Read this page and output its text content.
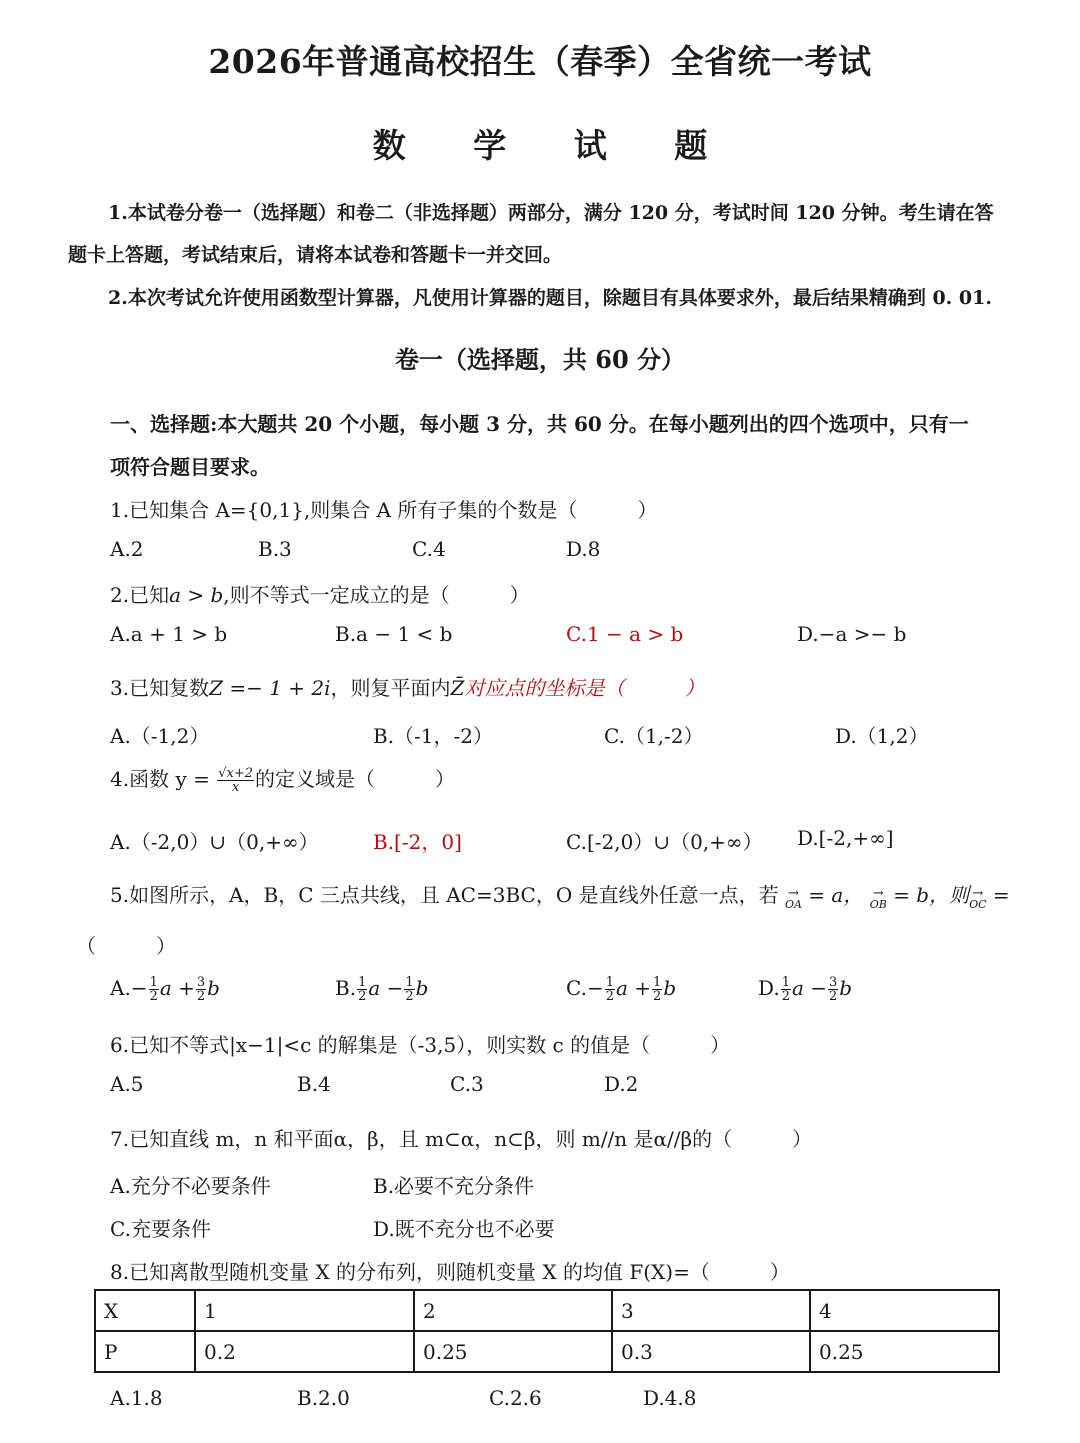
2026年普通高校招生（春季）全省统一考试
数 学 试 题
1.本试卷分卷一（选择题）和卷二（非选择题）两部分，满分 120 分，考试时间 120 分钟。考生请在答
题卡上答题，考试结束后，请将本试卷和答题卡一并交回。
2.本次考试允许使用函数型计算器，凡使用计算器的题目，除题目有具体要求外，最后结果精确到 0. 01.
卷一（选择题，共 60 分）
一、选择题:本大题共 20 个小题，每小题 3 分，共 60 分。在每小题列出的四个选项中，只有一
项符合题目要求。
1.已知集合 A={0,1},则集合 A 所有子集的个数是（　　　）
A.2	B.3	C.4	D.8
2.已知a > b,则不等式一定成立的是（　　　）
A.a + 1 > b	B.a − 1 < b	C.1 − a > b	D.−a >− b
3.已知复数Z =− 1 + 2i，则复平面内Z̄对应点的坐标是（　　　）
A.（-1,2）	B.（-1，-2）	C.（1,-2）	D.（1,2）
4.函数 $y = \frac{√x+2}{x}$ 的定义域是（　　　）
A.（-2,0）∪（0,+∞）	B.[-2，0]	C.[-2,0）∪（0,+∞） D.[-2,+∞]
5.如图所示，A，B，C 三点共线，且 AC=3BC，O 是直线外任意一点，若 →
OA = a， →
OB = b，则 →
OC =
（　　　）
$A.- \frac{1}{2}$ $a + \frac{3}{2}$ b	B. $\frac{1}{2}$ $a - \frac{1}{2}$ b	$C.- \frac{1}{2}$ $a + \frac{1}{2}$ b	D. $\frac{1}{2}$ $a - \frac{3}{2}$ b
6.已知不等式|x−1|<c 的解集是（-3,5），则实数 c 的值是（　　　）
A.5	B.4	C.3	D.2
7.已知直线 m，n 和平面α，β，且 m⊂α，n⊂β，则 m//n 是α//β的（　　　）
A.充分不必要条件	B.必要不充分条件
C.充要条件	D.既不充分也不必要
8.已知离散型随机变量 X 的分布列，则随机变量 X 的均值 F(X)=（　　　）
X	1	2	3	4
P	0.2	0.25	0.3	0.25
A.1.8	B.2.0	C.2.6	D.4.8
